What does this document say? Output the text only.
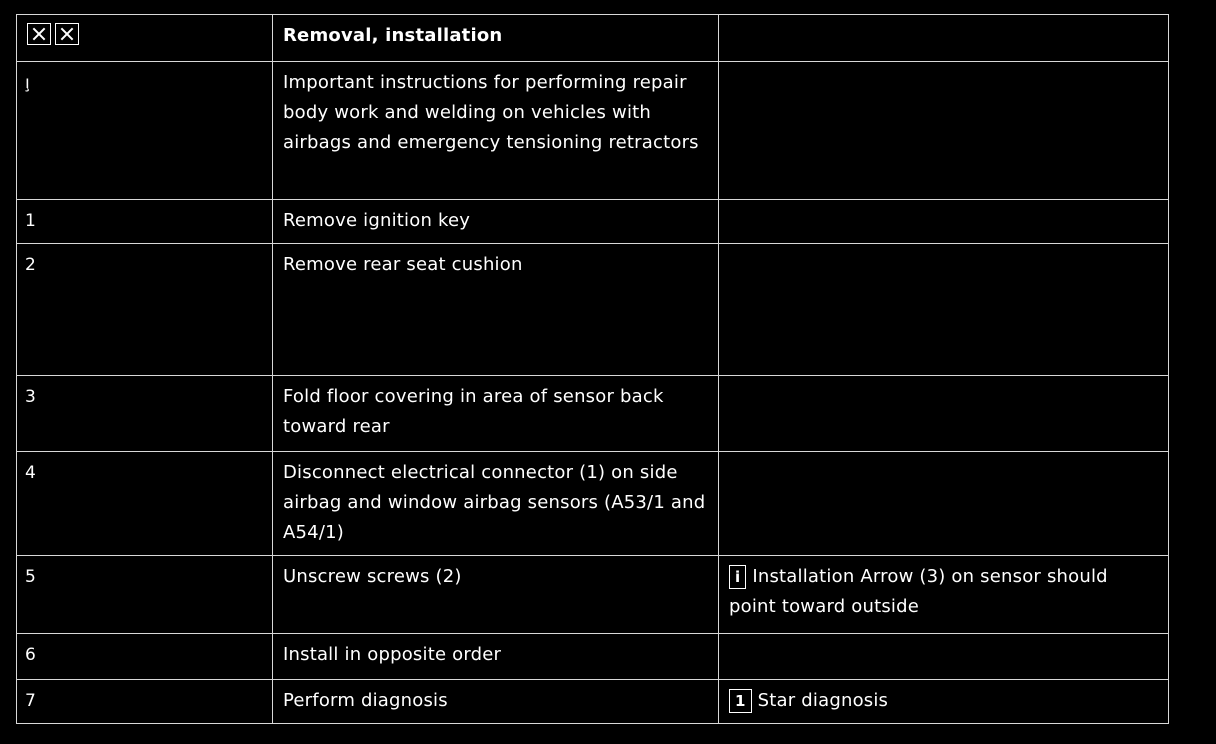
	Removal, installation	
ı̧	Important instructions for performing repair body work and welding on vehicles with airbags and emergency tensioning retractors	
1	Remove ignition key	
2	Remove rear seat cushion	
3	Fold floor covering in area of sensor back toward rear	
4	Disconnect electrical connector (1) on side airbag and window airbag sensors (A53/1 and A54/1)	
5	Unscrew screws (2)	i Installation Arrow (3) on sensor should point toward outside
6	Install in opposite order	
7	Perform diagnosis	1 Star diagnosis
